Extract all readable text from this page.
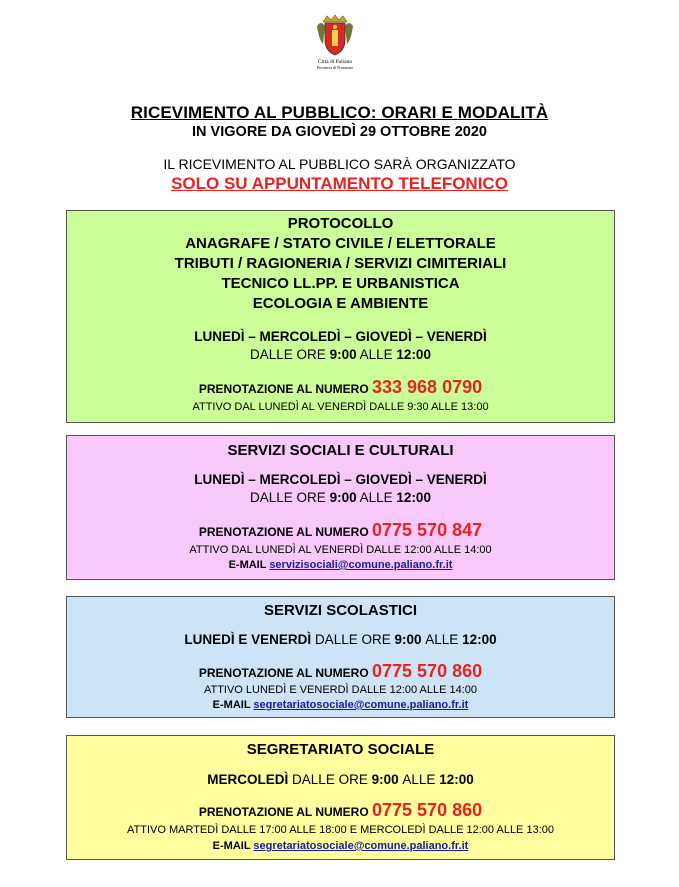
Città di Paliano
Provincia di Frosinone
RICEVIMENTO AL PUBBLICO: ORARI E MODALITÀ
IN VIGORE DA GIOVEDÌ 29 OTTOBRE 2020
IL RICEVIMENTO AL PUBBLICO SARÀ ORGANIZZATO
SOLO SU APPUNTAMENTO TELEFONICO
PROTOCOLLO
ANAGRAFE / STATO CIVILE / ELETTORALE
TRIBUTI / RAGIONERIA / SERVIZI CIMITERIALI
TECNICO LL.PP. E URBANISTICA
ECOLOGIA E AMBIENTE
LUNEDÌ – MERCOLEDÌ – GIOVEDÌ – VENERDÌ
DALLE ORE 9:00 ALLE 12:00
PRENOTAZIONE AL NUMERO 333 968 0790
ATTIVO DAL LUNEDÌ AL VENERDÌ DALLE 9:30 ALLE 13:00
SERVIZI SOCIALI E CULTURALI
LUNEDÌ – MERCOLEDÌ – GIOVEDÌ – VENERDÌ
DALLE ORE 9:00 ALLE 12:00
PRENOTAZIONE AL NUMERO 0775 570 847
ATTIVO DAL LUNEDÌ AL VENERDÌ DALLE 12:00 ALLE 14:00
E-MAIL servizisociali@comune.paliano.fr.it
SERVIZI SCOLASTICI
LUNEDÌ E VENERDÌ DALLE ORE 9:00 ALLE 12:00
PRENOTAZIONE AL NUMERO 0775 570 860
ATTIVO LUNEDÌ E VENERDÌ DALLE 12:00 ALLE 14:00
E-MAIL segretariatosociale@comune.paliano.fr.it
SEGRETARIATO SOCIALE
MERCOLEDÌ DALLE ORE 9:00 ALLE 12:00
PRENOTAZIONE AL NUMERO 0775 570 860
ATTIVO MARTEDÌ DALLE 17:00 ALLE 18:00 E MERCOLEDÌ DALLE 12:00 ALLE 13:00
E-MAIL segretariatosociale@comune.paliano.fr.it
